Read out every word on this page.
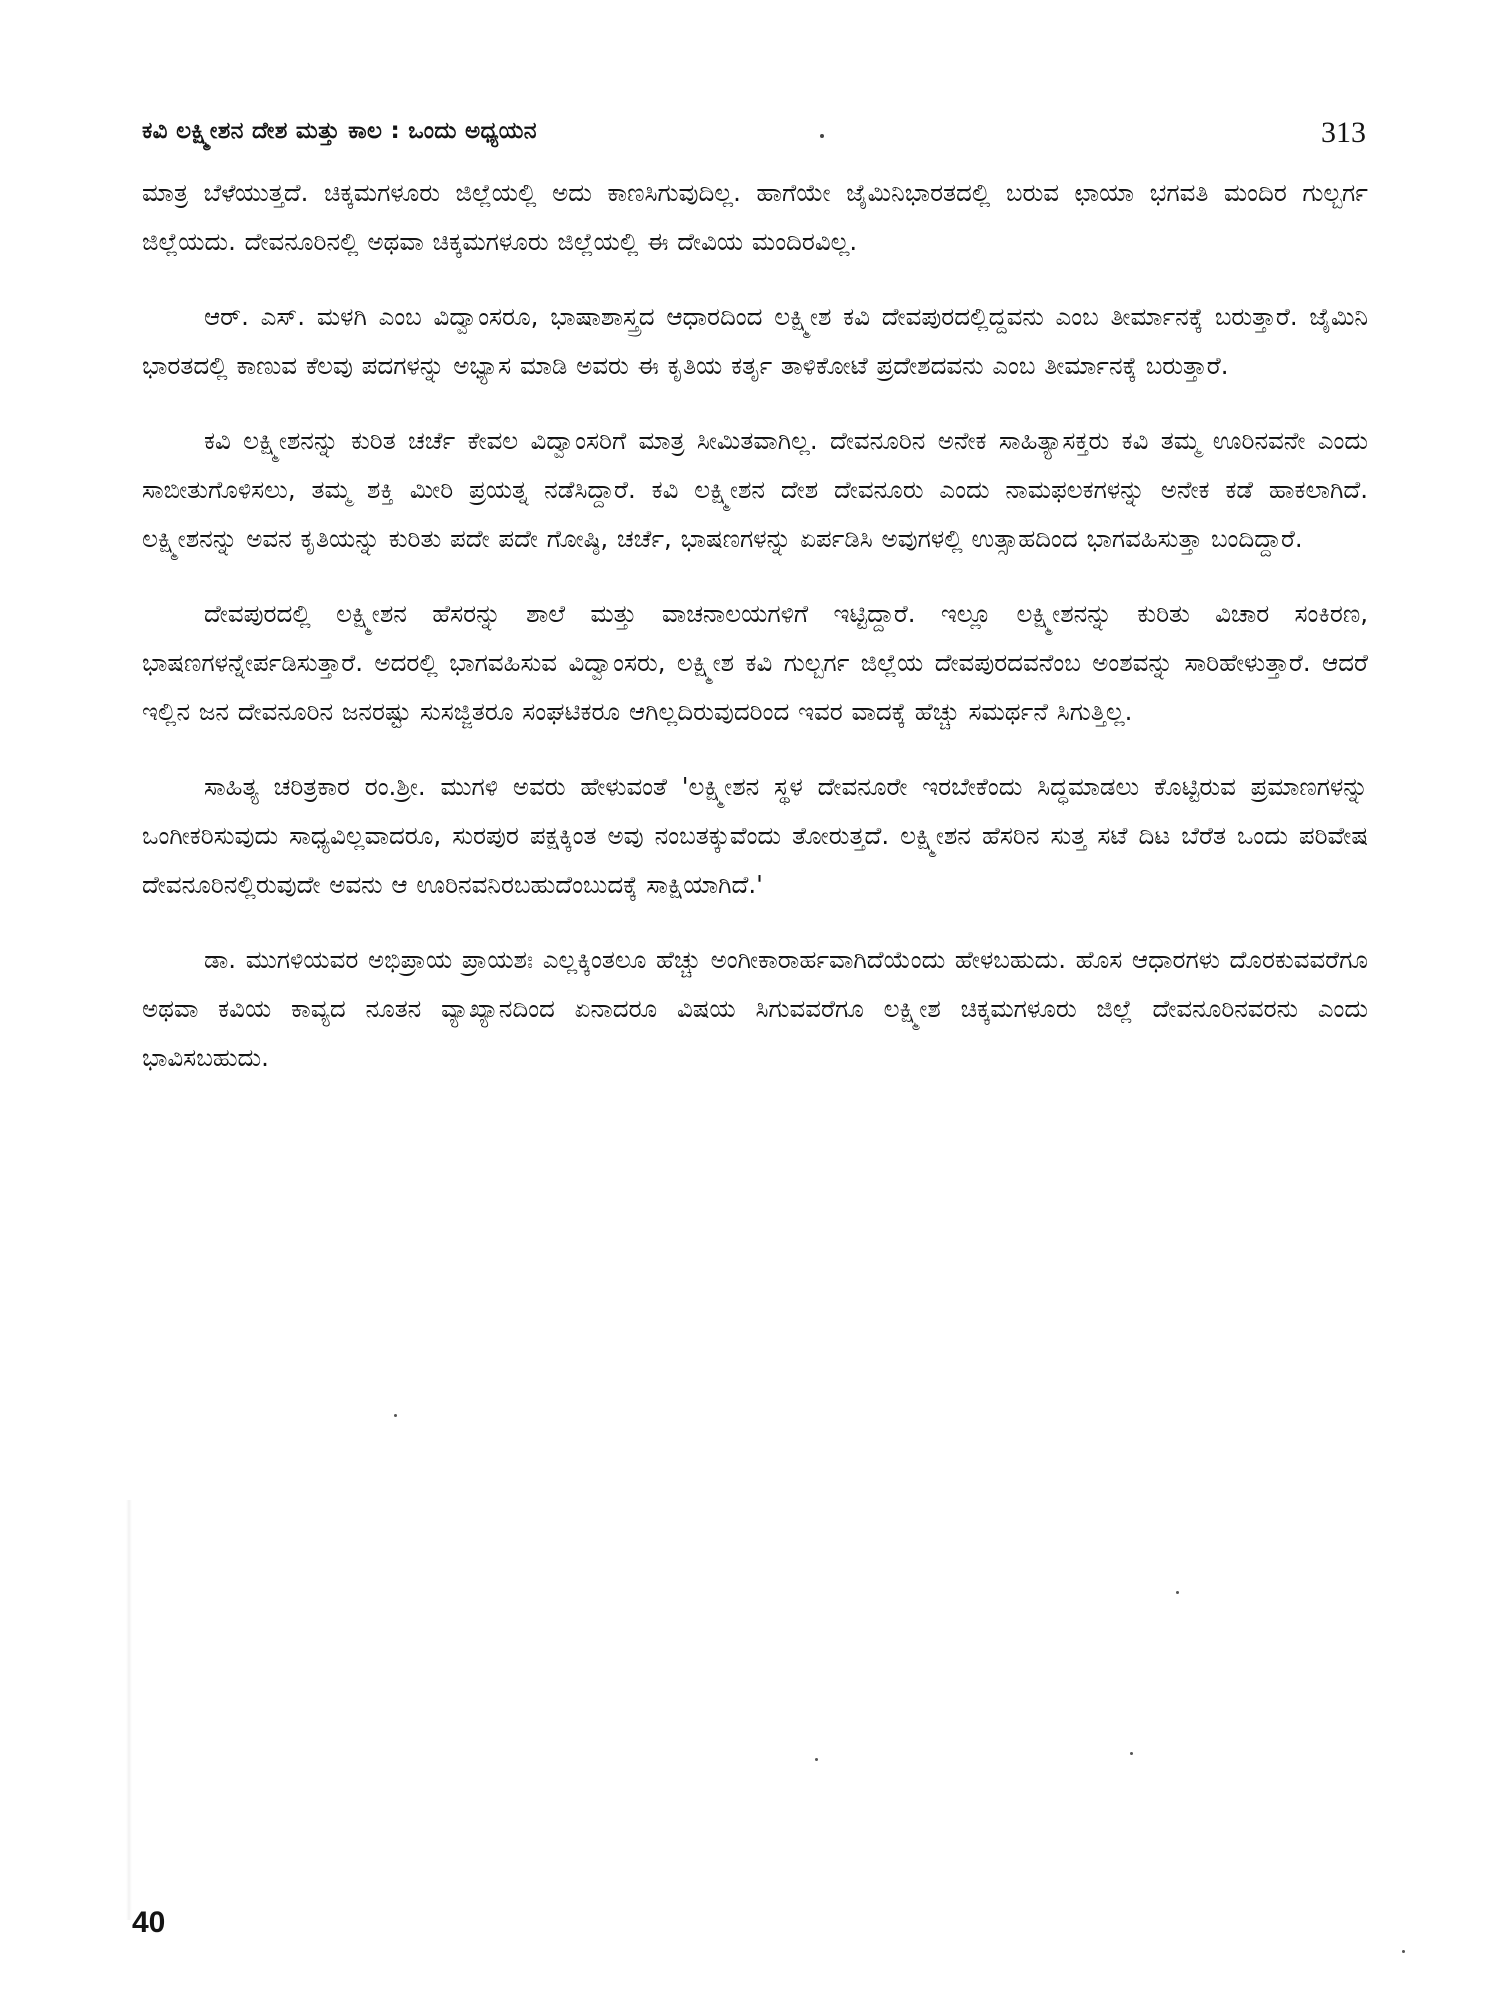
ಕವಿ ಲಕ್ಷ್ಮೀಶನ ದೇಶ ಮತ್ತು ಕಾಲ : ಒಂದು ಅಧ್ಯಯನ	313

ಮಾತ್ರ ಬೆಳೆಯುತ್ತದೆ. ಚಿಕ್ಕಮಗಳೂರು ಜಿಲ್ಲೆಯಲ್ಲಿ ಅದು ಕಾಣಸಿಗುವುದಿಲ್ಲ. ಹಾಗೆಯೇ ಜೈಮಿನಿಭಾರತದಲ್ಲಿ ಬರುವ ಛಾಯಾ ಭಗವತಿ ಮಂದಿರ ಗುಲ್ಬರ್ಗ ಜಿಲ್ಲೆಯದು. ದೇವನೂರಿನಲ್ಲಿ ಅಥವಾ ಚಿಕ್ಕಮಗಳೂರು ಜಿಲ್ಲೆಯಲ್ಲಿ ಈ ದೇವಿಯ ಮಂದಿರವಿಲ್ಲ.

ಆರ್. ಎಸ್. ಮಳಗಿ ಎಂಬ ವಿದ್ವಾಂಸರೂ, ಭಾಷಾಶಾಸ್ತ್ರದ ಆಧಾರದಿಂದ ಲಕ್ಷ್ಮೀಶ ಕವಿ ದೇವಪುರದಲ್ಲಿದ್ದವನು ಎಂಬ ತೀರ್ಮಾನಕ್ಕೆ ಬರುತ್ತಾರೆ. ಜೈಮಿನಿ ಭಾರತದಲ್ಲಿ ಕಾಣುವ ಕೆಲವು ಪದಗಳನ್ನು ಅಭ್ಯಾಸ ಮಾಡಿ ಅವರು ಈ ಕೃತಿಯ ಕರ್ತೃ ತಾಳಿಕೋಟೆ ಪ್ರದೇಶದವನು ಎಂಬ ತೀರ್ಮಾನಕ್ಕೆ ಬರುತ್ತಾರೆ.

ಕವಿ ಲಕ್ಷ್ಮೀಶನನ್ನು ಕುರಿತ ಚರ್ಚೆ ಕೇವಲ ವಿದ್ವಾಂಸರಿಗೆ ಮಾತ್ರ ಸೀಮಿತವಾಗಿಲ್ಲ. ದೇವನೂರಿನ ಅನೇಕ ಸಾಹಿತ್ಯಾಸಕ್ತರು ಕವಿ ತಮ್ಮ ಊರಿನವನೇ ಎಂದು ಸಾಬೀತುಗೊಳಿಸಲು, ತಮ್ಮ ಶಕ್ತಿ ಮೀರಿ ಪ್ರಯತ್ನ ನಡೆಸಿದ್ದಾರೆ. ಕವಿ ಲಕ್ಷ್ಮೀಶನ ದೇಶ ದೇವನೂರು ಎಂದು ನಾಮಫಲಕಗಳನ್ನು ಅನೇಕ ಕಡೆ ಹಾಕಲಾಗಿದೆ. ಲಕ್ಷ್ಮೀಶನನ್ನು ಅವನ ಕೃತಿಯನ್ನು ಕುರಿತು ಪದೇ ಪದೇ ಗೋಷ್ಠಿ, ಚರ್ಚೆ, ಭಾಷಣಗಳನ್ನು ಏರ್ಪಡಿಸಿ ಅವುಗಳಲ್ಲಿ ಉತ್ಸಾಹದಿಂದ ಭಾಗವಹಿಸುತ್ತಾ ಬಂದಿದ್ದಾರೆ.

ದೇವಪುರದಲ್ಲಿ ಲಕ್ಷ್ಮೀಶನ ಹೆಸರನ್ನು ಶಾಲೆ ಮತ್ತು ವಾಚನಾಲಯಗಳಿಗೆ ಇಟ್ಟಿದ್ದಾರೆ. ಇಲ್ಲೂ ಲಕ್ಷ್ಮೀಶನನ್ನು ಕುರಿತು ವಿಚಾರ ಸಂಕಿರಣ, ಭಾಷಣಗಳನ್ನೇರ್ಪಡಿಸುತ್ತಾರೆ. ಅದರಲ್ಲಿ ಭಾಗವಹಿಸುವ ವಿದ್ವಾಂಸರು, ಲಕ್ಷ್ಮೀಶ ಕವಿ ಗುಲ್ಬರ್ಗ ಜಿಲ್ಲೆಯ ದೇವಪುರದವನೆಂಬ ಅಂಶವನ್ನು ಸಾರಿಹೇಳುತ್ತಾರೆ. ಆದರೆ ಇಲ್ಲಿನ ಜನ ದೇವನೂರಿನ ಜನರಷ್ಟು ಸುಸಜ್ಜಿತರೂ ಸಂಘಟಿಕರೂ ಆಗಿಲ್ಲದಿರುವುದರಿಂದ ಇವರ ವಾದಕ್ಕೆ ಹೆಚ್ಚು ಸಮರ್ಥನೆ ಸಿಗುತ್ತಿಲ್ಲ.

ಸಾಹಿತ್ಯ ಚರಿತ್ರಕಾರ ರಂ.ಶ್ರೀ. ಮುಗಳಿ ಅವರು ಹೇಳುವಂತೆ 'ಲಕ್ಷ್ಮೀಶನ ಸ್ಥಳ ದೇವನೂರೇ ಇರಬೇಕೆಂದು ಸಿದ್ಧಮಾಡಲು ಕೊಟ್ಟಿರುವ ಪ್ರಮಾಣಗಳನ್ನು ಒಂಗೀಕರಿಸುವುದು ಸಾಧ್ಯವಿಲ್ಲವಾದರೂ, ಸುರಪುರ ಪಕ್ಷಕ್ಕಿಂತ ಅವು ನಂಬತಕ್ಕುವೆಂದು ತೋರುತ್ತದೆ. ಲಕ್ಷ್ಮೀಶನ ಹೆಸರಿನ ಸುತ್ತ ಸಟೆ ದಿಟ ಬೆರೆತ ಒಂದು ಪರಿವೇಷ ದೇವನೂರಿನಲ್ಲಿರುವುದೇ ಅವನು ಆ ಊರಿನವನಿರಬಹುದೆಂಬುದಕ್ಕೆ ಸಾಕ್ಷಿಯಾಗಿದೆ.'

ಡಾ. ಮುಗಳಿಯವರ ಅಭಿಪ್ರಾಯ ಪ್ರಾಯಶಃ ಎಲ್ಲಕ್ಕಿಂತಲೂ ಹೆಚ್ಚು ಅಂಗೀಕಾರಾರ್ಹವಾಗಿದೆಯೆಂದು ಹೇಳಬಹುದು. ಹೊಸ ಆಧಾರಗಳು ದೊರಕುವವರೆಗೂ ಅಥವಾ ಕವಿಯ ಕಾವ್ಯದ ನೂತನ ವ್ಯಾಖ್ಯಾನದಿಂದ ಏನಾದರೂ ವಿಷಯ ಸಿಗುವವರೆಗೂ ಲಕ್ಷ್ಮೀಶ ಚಿಕ್ಕಮಗಳೂರು ಜಿಲ್ಲೆ ದೇವನೂರಿನವರನು ಎಂದು ಭಾವಿಸಬಹುದು.

40
